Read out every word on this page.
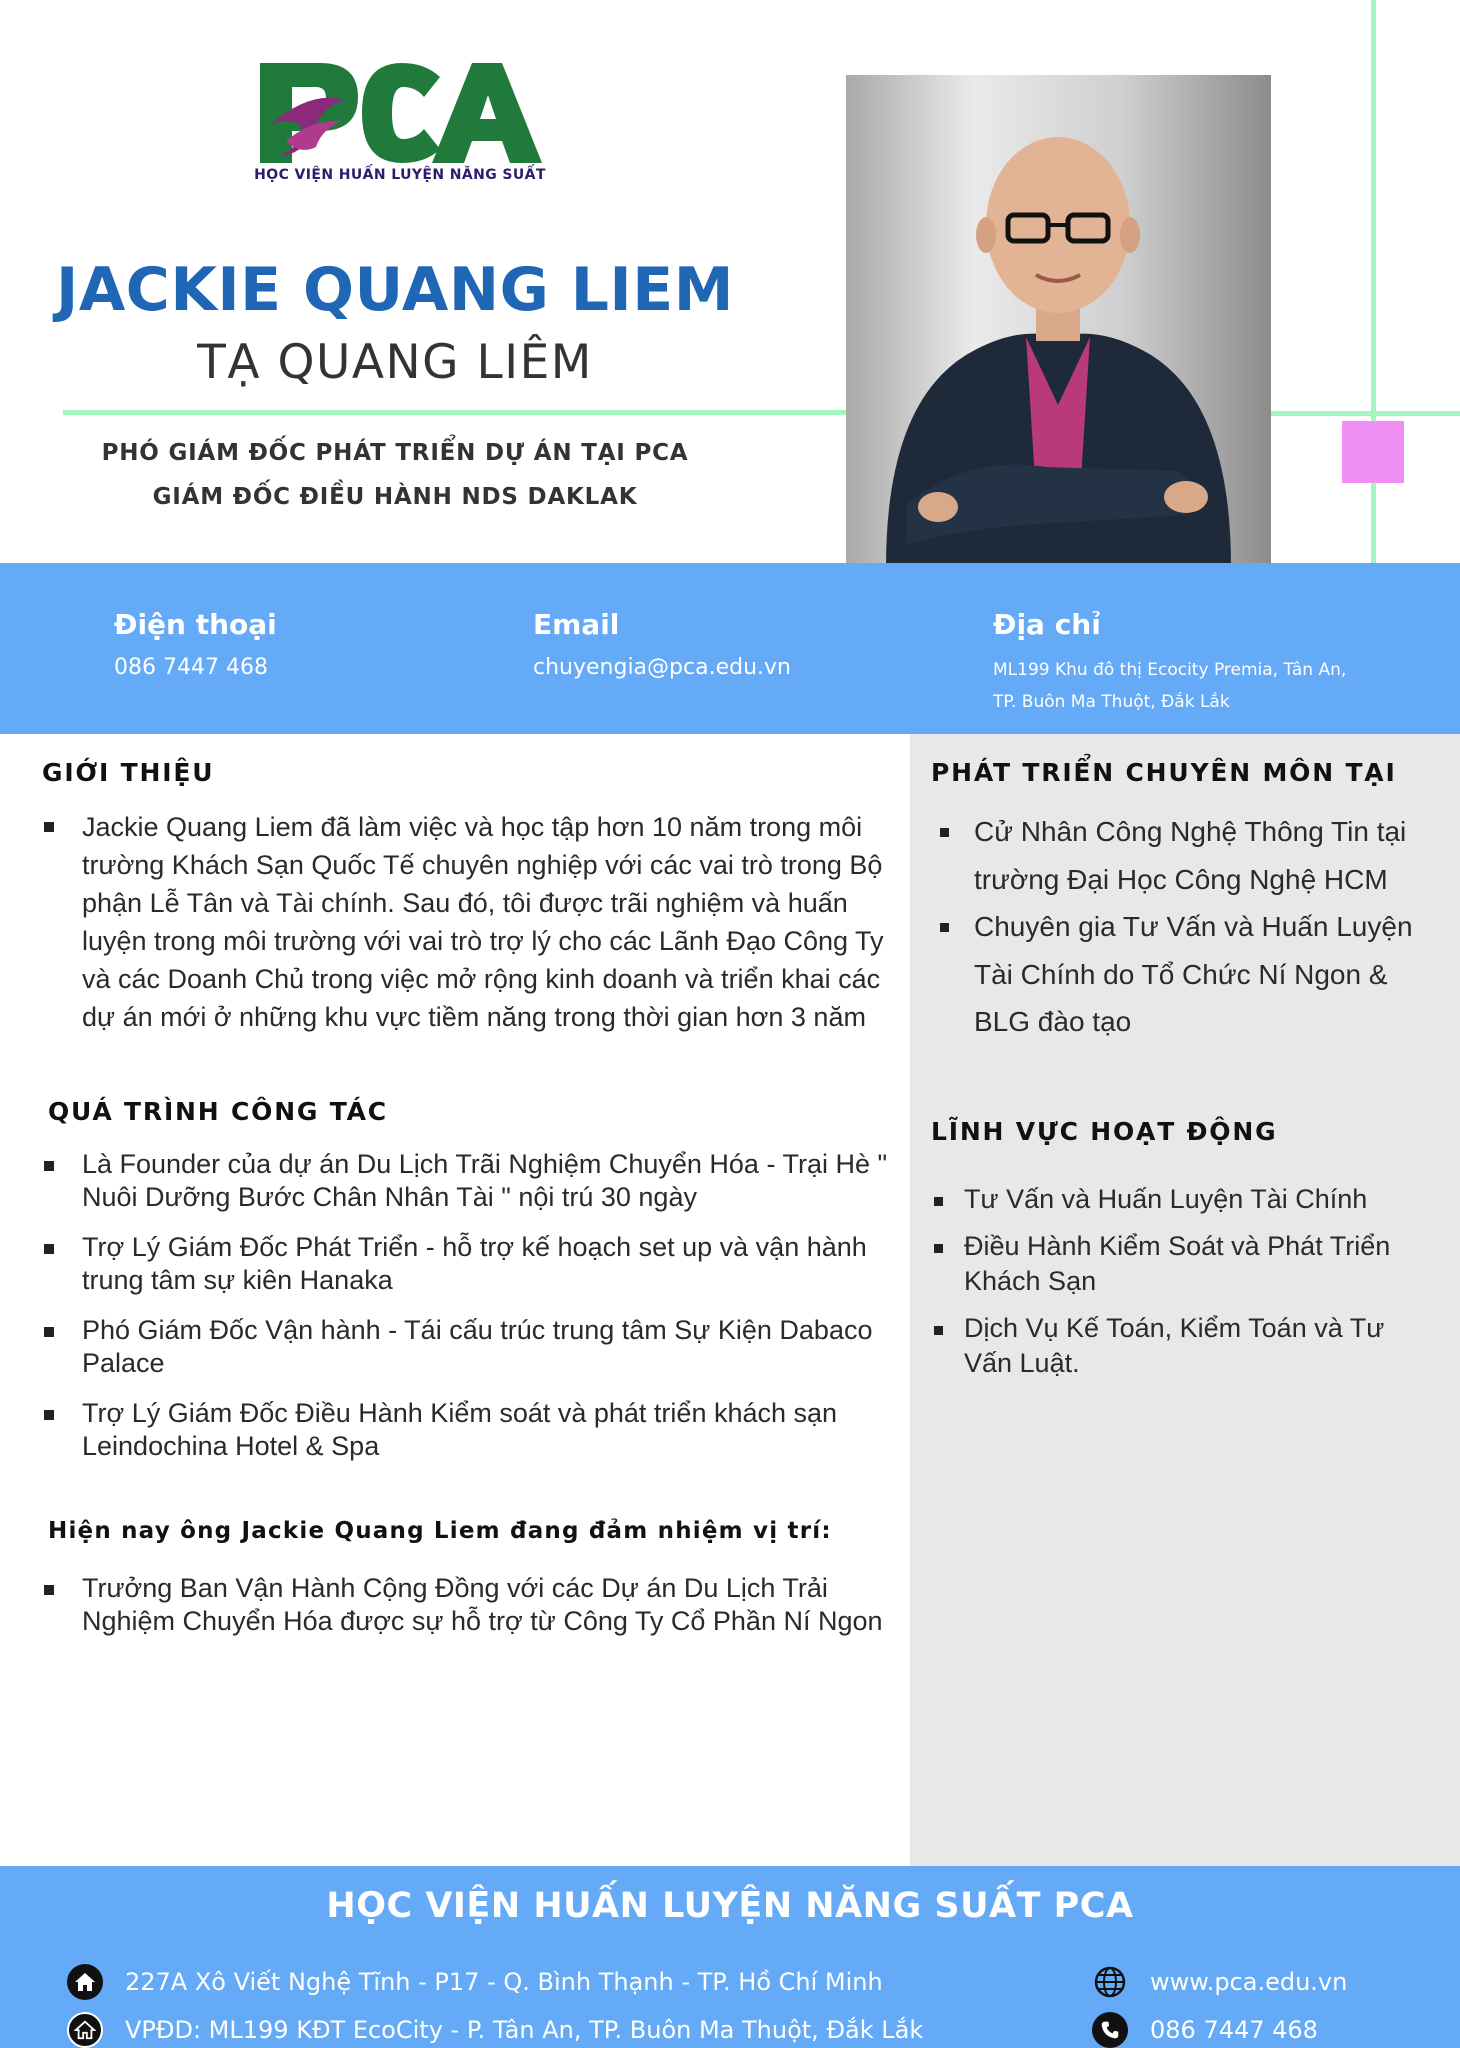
HỌC VIỆN HUẤN LUYỆN NĂNG SUẤT
JACKIE QUANG LIEM
TẠ QUANG LIÊM
PHÓ GIÁM ĐỐC PHÁT TRIỂN DỰ ÁN TẠI PCA
GIÁM ĐỐC ĐIỀU HÀNH NDS DAKLAK
Điện thoại
086 7447 468
Email
chuyengia@pca.edu.vn
Địa chỉ
ML199 Khu đô thị Ecocity Premia, Tân An,
TP. Buôn Ma Thuột, Đắk Lắk
GIỚI THIỆU
Jackie Quang Liem đã làm việc và học tập hơn 10 năm trong môi trường Khách Sạn Quốc Tế chuyên nghiệp với các vai trò trong Bộ phận Lễ Tân và Tài chính. Sau đó, tôi được trãi nghiệm và huấn luyện trong môi trường với vai trò trợ lý cho các Lãnh Đạo Công Ty và các Doanh Chủ trong việc mở rộng kinh doanh và triển khai các dự án mới ở những khu vực tiềm năng trong thời gian hơn 3 năm
QUÁ TRÌNH CÔNG TÁC
Là Founder của dự án Du Lịch Trãi Nghiệm Chuyển Hóa - Trại Hè " Nuôi Dưỡng Bước Chân Nhân Tài " nội trú 30 ngày
Trợ Lý Giám Đốc Phát Triển - hỗ trợ kế hoạch set up và vận hành trung tâm sự kiên Hanaka
Phó Giám Đốc Vận hành - Tái cấu trúc trung tâm Sự Kiện Dabaco Palace
Trợ Lý Giám Đốc Điều Hành Kiểm soát và phát triển khách sạn Leindochina Hotel & Spa
Hiện nay ông Jackie Quang Liem đang đảm nhiệm vị trí:
Trưởng Ban Vận Hành Cộng Đồng với các Dự án Du Lịch Trải Nghiệm Chuyển Hóa được sự hỗ trợ từ Công Ty Cổ Phần Ní Ngon
PHÁT TRIỂN CHUYÊN MÔN TẠI
Cử Nhân Công Nghệ Thông Tin tại trường Đại Học Công Nghệ HCM
Chuyên gia Tư Vấn và Huấn Luyện Tài Chính do Tổ Chức Ní Ngon & BLG đào tạo
LĨNH VỰC HOẠT ĐỘNG
Tư Vấn và Huấn Luyện Tài Chính
Điều Hành Kiểm Soát và Phát Triển Khách Sạn
Dịch Vụ Kế Toán, Kiểm Toán và Tư Vấn Luật.
HỌC VIỆN HUẤN LUYỆN NĂNG SUẤT PCA
227A Xô Viết Nghệ Tĩnh - P17 - Q. Bình Thạnh - TP. Hồ Chí Minh
VPĐD: ML199 KĐT EcoCity - P. Tân An, TP. Buôn Ma Thuột, Đắk Lắk
www.pca.edu.vn
086 7447 468
